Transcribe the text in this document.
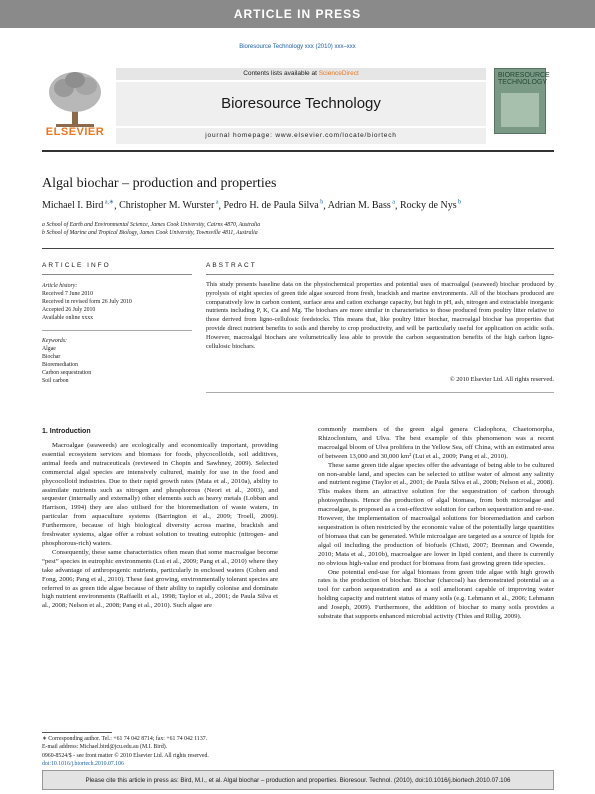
ARTICLE IN PRESS
Bioresource Technology xxx (2010) xxx–xxx
ELSEVIER
Contents lists available at ScienceDirect
Bioresource Technology
journal homepage: www.elsevier.com/locate/biortech
BIORESOURCE TECHNOLOGY
Algal biochar – production and properties
Michael I. Bird $^{a,∗}$, Christopher M. Wurster $^a$, Pedro H. de Paula Silva $^b$, Adrian M. Bass $^a$, Rocky de Nys $^b$
a School of Earth and Environmental Science, James Cook University, Cairns 4870, Australia
b School of Marine and Tropical Biology, James Cook University, Townsville 4811, Australia
ARTICLE INFO	ABSTRACT
Article history:
Received 7 June 2010
Received in revised form 26 July 2010
Accepted 26 July 2010
Available online xxxx
Keywords:
Algae
Biochar
Bioremediation
Carbon sequestration
Soil carbon
This study presents baseline data on the physiochemical properties and potential uses of macroalgal (seaweed) biochar produced by pyrolysis of eight species of green tide algae sourced from fresh, brackish and marine environments. All of the biochars produced are comparatively low in carbon content, surface area and cation exchange capacity, but high in pH, ash, nitrogen and extractable inorganic nutrients including P, K, Ca and Mg. The biochars are more similar in characteristics to those produced from poultry litter relative to those derived from ligno-cellulosic feedstocks. This means that, like poultry litter biochar, macroalgal biochar has properties that provide direct nutrient benefits to soils and thereby to crop productivity, and will be particularly useful for application on acidic soils. However, macroalgal biochars are volumetrically less able to provide the carbon sequestration benefits of the high carbon ligno-cellulosic biochars.
© 2010 Elsevier Ltd. All rights reserved.
1. Introduction

Macroalgae (seaweeds) are ecologically and economically important, providing essential ecosystem services and biomass for foods, phycocolloids, soil additives, animal feeds and nutraceuticals (reviewed in Chopin and Sawhney, 2009). Selected commercial algal species are intensively cultured, mainly for use in the food and phycocolloid industries. Due to their rapid growth rates (Mata et al., 2010a), ability to assimilate nutrients such as nitrogen and phosphorous (Neori et al., 2003), and sequester (internally and externally) other elements such as heavy metals (Lobban and Harrison, 1994) they are also utilised for the bioremediation of waste waters, in particular from aquaculture systems (Barrington et al., 2009; Troell, 2009). Furthermore, because of high biological diversity across marine, brackish and freshwater systems, algae offer a robust solution to treating eutrophic (nitrogen- and phosphorous-rich) waters.

Consequently, these same characteristics often mean that some macroalgae become “pest” species in eutrophic environments (Lui et al., 2009; Pang et al., 2010) where they take advantage of anthropogenic nutrients, particularly in enclosed waters (Cohen and Fong, 2006; Pang et al., 2010). These fast growing, environmentally tolerant species are referred to as green tide algae because of their ability to rapidly colonise and dominate high nutrient environments (Raffaelli et al., 1998; Taylor et al., 2001; de Paula Silva et al., 2008; Nelson et al., 2008; Pang et al., 2010). Such algae are

commonly members of the green algal genera Cladophora, Chaetomorpha, Rhizoclonium, and Ulva. The best example of this phenomenon was a recent macroalgal bloom of Ulva prolifera in the Yellow Sea, off China, with an estimated area of between 13,000 and 30,000 km² (Lui et al., 2009; Pang et al., 2010).

These same green tide algae species offer the advantage of being able to be cultured on non-arable land, and species can be selected to utilise water of almost any salinity and nutrient regime (Taylor et al., 2001; de Paula Silva et al., 2008; Nelson et al., 2008). This makes them an attractive solution for the sequestration of carbon through photosynthesis. Hence the production of algal biomass, from both microalgae and macroalgae, is proposed as a cost-effective solution for carbon sequestration and re-use. However, the implementation of macroalgal solutions for bioremediation and carbon sequestration is often restricted by the economic value of the potentially large quantities of biomass that can be generated. While microalgae are targeted as a source of lipids for algal oil including the production of biofuels (Chisti, 2007; Brennan and Owende, 2010; Mata et al., 2010b), macroalgae are lower in lipid content, and there is currently no obvious high-value end product for biomass from fast growing green tide species.

One potential end-use for algal biomass from green tide algae with high growth rates is the production of biochar. Biochar (charcoal) has demonstrated potential as a tool for carbon sequestration and as a soil ameliorant capable of improving water holding capacity and nutrient status of many soils (e.g. Lehmann et al., 2006; Lehmann and Joseph, 2009). Furthermore, the addition of biochar to many soils provides a substrate that supports enhanced microbial activity (Thies and Rillig, 2009).

∗ Corresponding author. Tel.: +61 74 042 8714; fax: +61 74 042 1137.
E-mail address: Michael.bird@jcu.edu.au (M.I. Bird).
0960-8524/$ - see front matter © 2010 Elsevier Ltd. All rights reserved.
doi:10.1016/j.biortech.2010.07.106
Please cite this article in press as: Bird, M.I., et al. Algal biochar – production and properties. Bioresour. Technol. (2010), doi:10.1016/j.biortech.2010.07.106
